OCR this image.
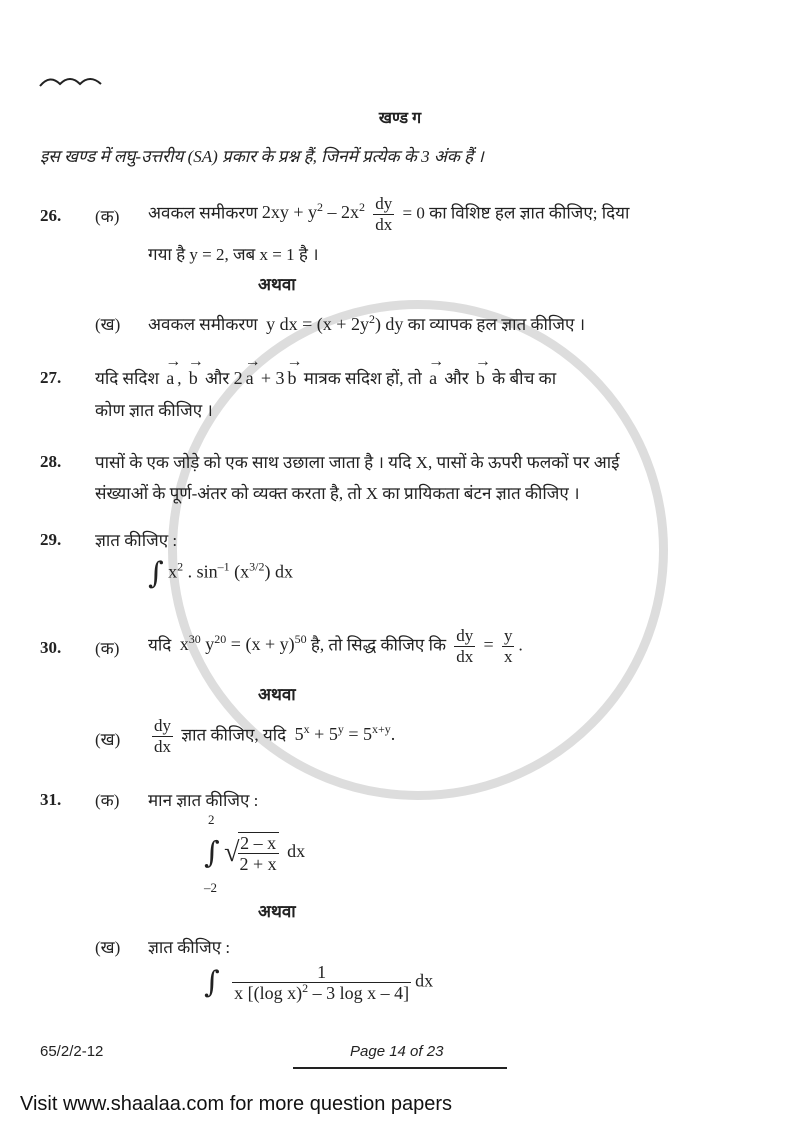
खण्ड ग
इस खण्ड में लघु-उत्तरीय (SA) प्रकार के प्रश्न हैं, जिनमें प्रत्येक के 3 अंक हैं ।
26. (क) अवकल समीकरण $2xy + y^2 - 2x^2 \frac{dy}{dx} = 0$ का विशिष्ट हल ज्ञात कीजिए; दिया
गया है y = 2, जब x = 1 है ।
अथवा
(ख) अवकल समीकरण y dx = $(x + 2y^2)$ dy का व्यापक हल ज्ञात कीजिए ।
27. यदि सदिश → a , → b और 2 → a + 3 → b मात्रक सदिश हों, तो → a और → b के बीच का
कोण ज्ञात कीजिए ।
28. पासों के एक जोड़े को एक साथ उछाला जाता है । यदि X, पासों के ऊपरी फलकों पर आई
संख्याओं के पूर्ण-अंतर को व्यक्त करता है, तो X का प्रायिकता बंटन ज्ञात कीजिए ।
29. ज्ञात कीजिए :
∫ $x^2$ . $\sin^{-1} (x^{3/2})$ dx
30. (क) यदि $x^{30}$ $y^{20} = (x + y)^{50}$ है, तो सिद्ध कीजिए कि $\frac{dy}{dx} = \frac{y}{x}$ .
अथवा
(ख) $\frac{dy}{dx}$ ज्ञात कीजिए, यदि $5^x + 5^y = 5^{x+y}$.
31. (क) मान ज्ञात कीजिए :
2
–2
∫ √
$\frac{2 - x}{2 + x}$ dx
अथवा
(ख) ज्ञात कीजिए :
∫ $\frac{1}{x [(\log x)^2 - 3 \log x - 4]}$ dx
65/2/2-12	Page 14 of 23
Visit www.shaalaa.com for more question papers
